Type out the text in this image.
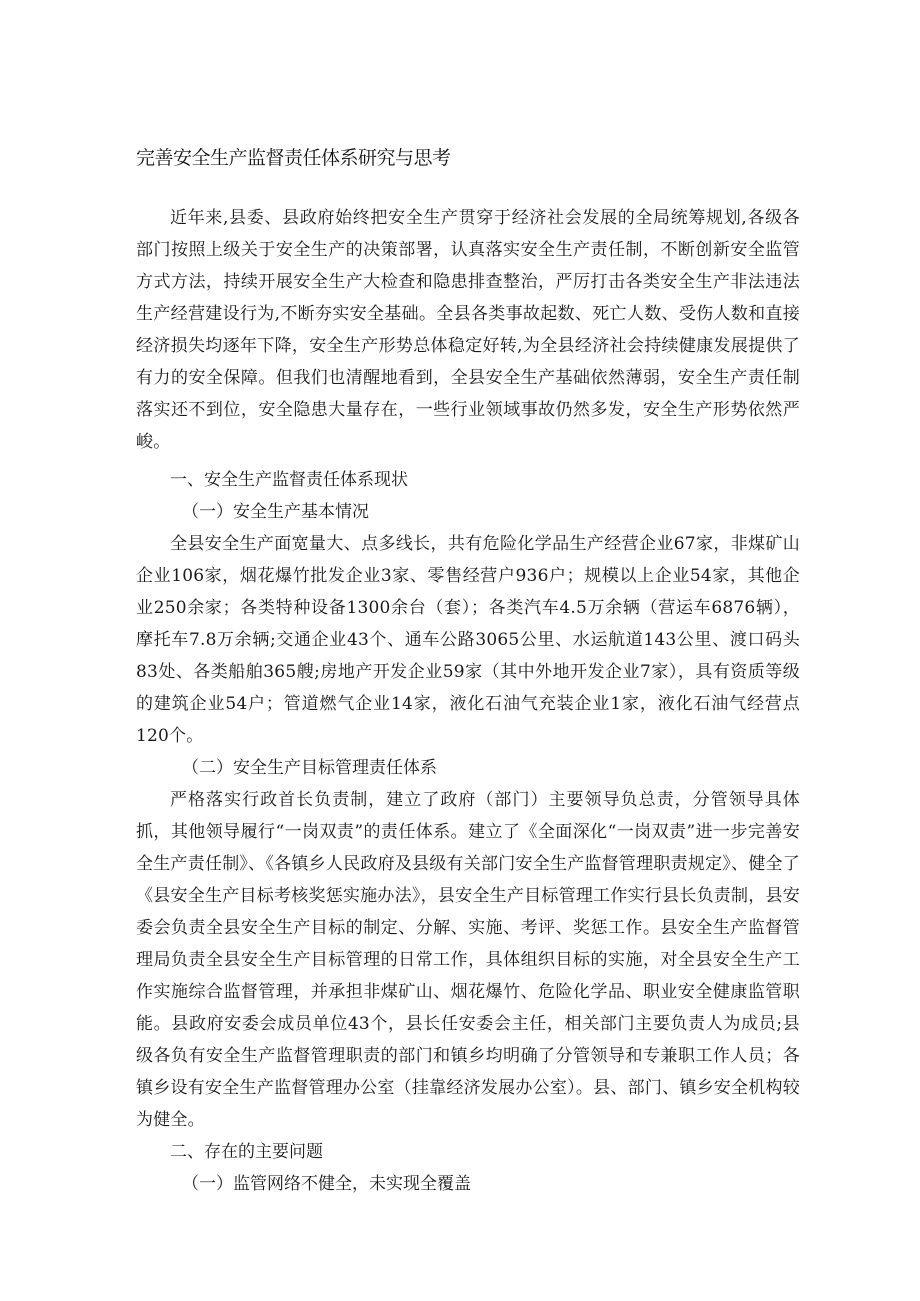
完善安全生产监督责任体系研究与思考

近年来,县委、县政府始终把安全生产贯穿于经济社会发展的全局统筹规划,各级各部门按照上级关于安全生产的决策部署，认真落实安全生产责任制，不断创新安全监管方式方法，持续开展安全生产大检查和隐患排查整治，严厉打击各类安全生产非法违法生产经营建设行为,不断夯实安全基础。全县各类事故起数、死亡人数、受伤人数和直接经济损失均逐年下降，安全生产形势总体稳定好转,为全县经济社会持续健康发展提供了有力的安全保障。但我们也清醒地看到，全县安全生产基础依然薄弱，安全生产责任制落实还不到位，安全隐患大量存在，一些行业领域事故仍然多发，安全生产形势依然严峻。

一、安全生产监督责任体系现状

（一）安全生产基本情况

全县安全生产面宽量大、点多线长，共有危险化学品生产经营企业67家，非煤矿山企业106家，烟花爆竹批发企业3家、零售经营户936户；规模以上企业54家，其他企业250余家；各类特种设备1300余台（套）；各类汽车4.5万余辆（营运车6876辆），摩托车7.8万余辆;交通企业43个、通车公路3065公里、水运航道143公里、渡口码头83处、各类船舶365艘;房地产开发企业59家（其中外地开发企业7家），具有资质等级的建筑企业54户；管道燃气企业14家，液化石油气充装企业1家，液化石油气经营点120个。

（二）安全生产目标管理责任体系

严格落实行政首长负责制，建立了政府（部门）主要领导负总责，分管领导具体抓，其他领导履行“一岗双责”的责任体系。建立了《全面深化“一岗双责”进一步完善安全生产责任制》、《各镇乡人民政府及县级有关部门安全生产监督管理职责规定》、健全了《县安全生产目标考核奖惩实施办法》，县安全生产目标管理工作实行县长负责制，县安委会负责全县安全生产目标的制定、分解、实施、考评、奖惩工作。县安全生产监督管理局负责全县安全生产目标管理的日常工作，具体组织目标的实施，对全县安全生产工作实施综合监督管理，并承担非煤矿山、烟花爆竹、危险化学品、职业安全健康监管职能。县政府安委会成员单位43个，县长任安委会主任，相关部门主要负责人为成员;县级各负有安全生产监督管理职责的部门和镇乡均明确了分管领导和专兼职工作人员；各镇乡设有安全生产监督管理办公室（挂靠经济发展办公室）。县、部门、镇乡安全机构较为健全。

二、存在的主要问题

（一）监管网络不健全，未实现全覆盖
